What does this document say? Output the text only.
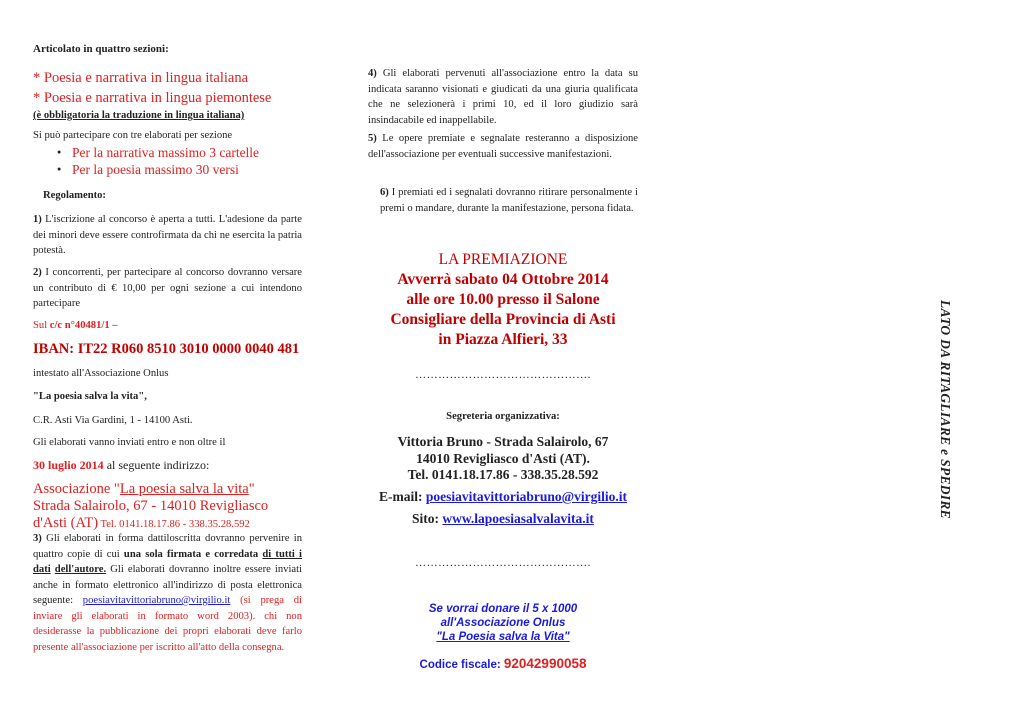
Articolato in quattro sezioni:

* Poesia e narrativa in lingua italiana

* Poesia e narrativa in lingua piemontese

(è obbligatoria la traduzione in lingua italiana)

Si può partecipare con tre elaborati per sezione

● Per la narrativa massimo 3 cartelle
● Per la poesia massimo 30 versi

Regolamento:

1) L'iscrizione al concorso è aperta a tutti. L'adesione da parte dei minori deve essere controfirmata da chi ne esercita la patria potestà.

2) I concorrenti, per partecipare al concorso dovranno versare un contributo di € 10,00 per ogni sezione a cui intendono partecipare

Sul c/c n°40481/1 –

IBAN: IT22 R060 8510 3010 0000 0040 481

intestato all'Associazione Onlus

"La poesia salva la vita",

C.R. Asti Via Gardini, 1 - 14100 Asti.

Gli elaborati vanno inviati entro e non oltre il

30 luglio 2014 al seguente indirizzo:

Associazione "La poesia salva la vita"
Strada Salairolo, 67 - 14010 Revigliasco
d'Asti (AT) Tel. 0141.18.17.86 - 338.35.28.592

3) Gli elaborati in forma dattiloscritta dovranno pervenire in quattro copie di cui una sola firmata e corredata di tutti i dati dell'autore. Gli elaborati dovranno inoltre essere inviati anche in formato elettronico all'indirizzo di posta elettronica seguente: poesiavitavittoriabruno@virgilio.it (si prega di inviare gli elaborati in formato word 2003). chi non desiderasse la pubblicazione dei propri elaborati deve farlo presente all'associazione per iscritto all'atto della consegna.

4) Gli elaborati pervenuti all'associazione entro la data su indicata saranno visionati e giudicati da una giuria qualificata che ne selezionerà i primi 10, ed il loro giudizio sarà insindacabile ed inappellabile.

5) Le opere premiate e segnalate resteranno a disposizione dell'associazione per eventuali successive manifestazioni.

6) I premiati ed i segnalati dovranno ritirare personalmente i premi o mandare, durante la manifestazione, persona fidata.

LA PREMIAZIONE
Avverrà sabato 04 Ottobre 2014
alle ore 10.00 presso il Salone
Consigliare della Provincia di Asti
in Piazza Alfieri, 33

……………………………………….

Segreteria organizzativa:

Vittoria Bruno - Strada Salairolo, 67
14010 Revigliasco d'Asti (AT).
Tel. 0141.18.17.86 - 338.35.28.592

E-mail: poesiavitavittoriabruno@virgilio.it

Sito: www.lapoesiasalvalavita.it

……………………………………….

Se vorrai donare il 5 x 1000
all'Associazione Onlus
"La Poesia salva la Vita"

Codice fiscale: 92042990058

LATO DA RITAGLIARE e SPEDIRE
